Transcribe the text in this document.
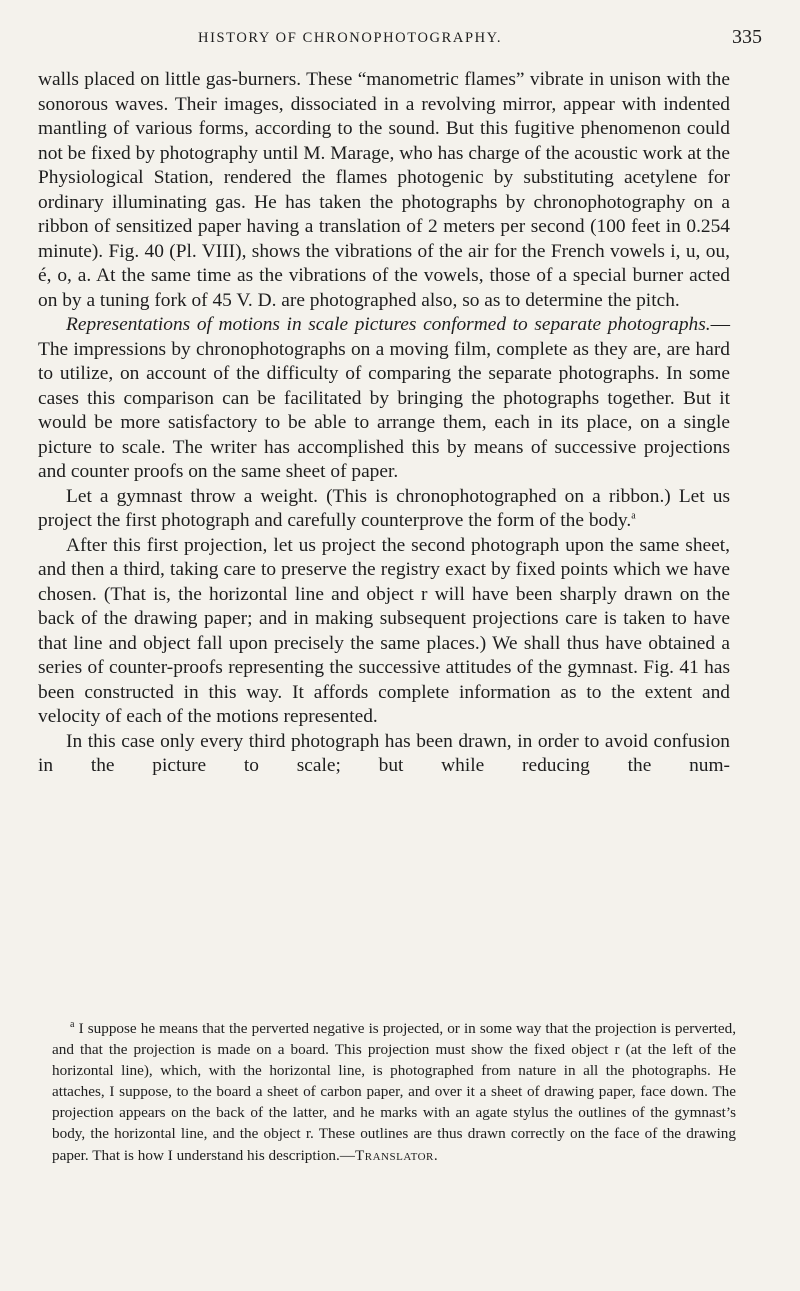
HISTORY OF CHRONOPHOTOGRAPHY.	335

walls placed on little gas-burners. These “manometric flames” vibrate in unison with the sonorous waves. Their images, dissociated in a revolving mirror, appear with indented mantling of various forms, according to the sound. But this fugitive phenomenon could not be fixed by photography until M. Marage, who has charge of the acoustic work at the Physiological Station, rendered the flames photogenic by substituting acetylene for ordinary illuminating gas. He has taken the photographs by chronophotography on a ribbon of sensitized paper having a translation of 2 meters per second (100 feet in 0.254 minute). Fig. 40 (Pl. VIII), shows the vibrations of the air for the French vowels i, u, ou, é, o, a. At the same time as the vibrations of the vowels, those of a special burner acted on by a tuning fork of 45 V. D. are photographed also, so as to determine the pitch.

Representations of motions in scale pictures conformed to separate photographs.—The impressions by chronophotographs on a moving film, complete as they are, are hard to utilize, on account of the difficulty of comparing the separate photographs. In some cases this comparison can be facilitated by bringing the photographs together. But it would be more satisfactory to be able to arrange them, each in its place, on a single picture to scale. The writer has accomplished this by means of successive projections and counter proofs on the same sheet of paper.

Let a gymnast throw a weight. (This is chronophotographed on a ribbon.) Let us project the first photograph and carefully counterprove the form of the body.$^a$

After this first projection, let us project the second photograph upon the same sheet, and then a third, taking care to preserve the registry exact by fixed points which we have chosen. (That is, the horizontal line and object r will have been sharply drawn on the back of the drawing paper; and in making subsequent projections care is taken to have that line and object fall upon precisely the same places.) We shall thus have obtained a series of counter-proofs representing the successive attitudes of the gymnast. Fig. 41 has been constructed in this way. It affords complete information as to the extent and velocity of each of the motions represented.

In this case only every third photograph has been drawn, in order to avoid confusion in the picture to scale; but while reducing the num-

$^a$ I suppose he means that the perverted negative is projected, or in some way that the projection is perverted, and that the projection is made on a board. This projection must show the fixed object r (at the left of the horizontal line), which, with the horizontal line, is photographed from nature in all the photographs. He attaches, I suppose, to the board a sheet of carbon paper, and over it a sheet of drawing paper, face down. The projection appears on the back of the latter, and he marks with an agate stylus the outlines of the gymnast’s body, the horizontal line, and the object r. These outlines are thus drawn correctly on the face of the drawing paper. That is how I understand his description.—Translator.
